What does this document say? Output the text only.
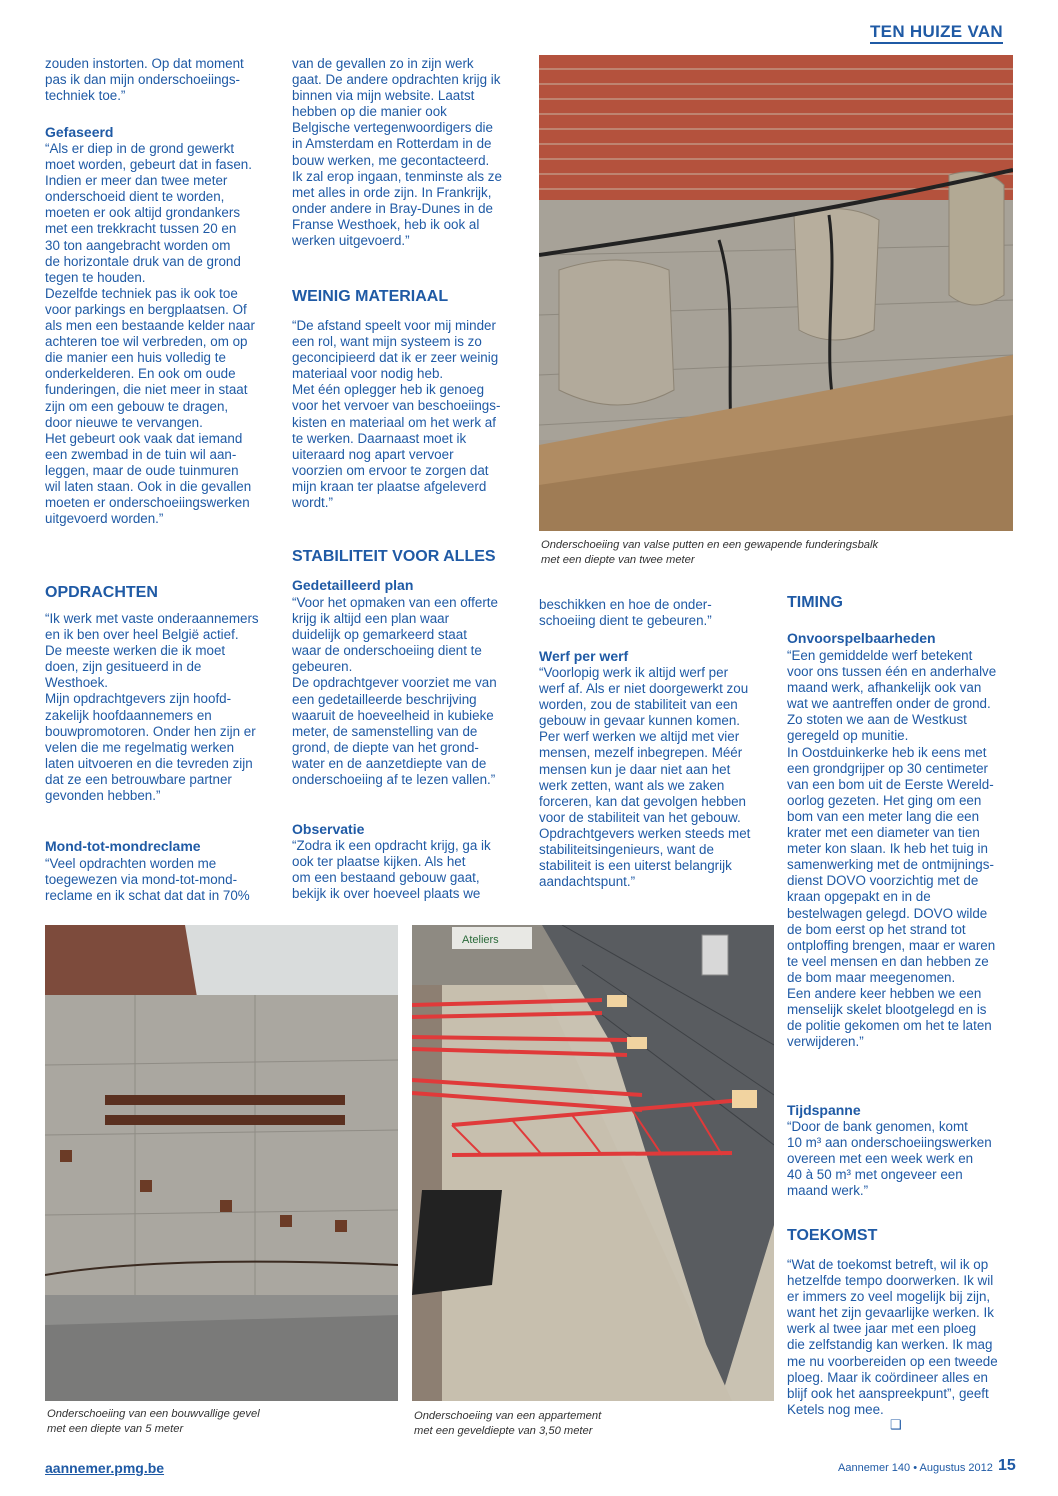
TEN HUIZE VAN

zouden instorten. Op dat moment
pas ik dan mijn onderschoeiings-
techniek toe.”

Gefaseerd

“Als er diep in de grond gewerkt
moet worden, gebeurt dat in fasen.
Indien er meer dan twee meter
onderschoeid dient te worden,
moeten er ook altijd grondankers
met een trekkracht tussen 20 en
30 ton aangebracht worden om
de horizontale druk van de grond
tegen te houden.
Dezelfde techniek pas ik ook toe
voor parkings en bergplaatsen. Of
als men een bestaande kelder naar
achteren toe wil verbreden, om op
die manier een huis volledig te
onderkelderen. En ook om oude
funderingen, die niet meer in staat
zijn om een gebouw te dragen,
door nieuwe te vervangen.
Het gebeurt ook vaak dat iemand
een zwembad in de tuin wil aan-
leggen, maar de oude tuinmuren
wil laten staan. Ook in die gevallen
moeten er onderschoeiingswerken
uitgevoerd worden.”

OPDRACHTEN

“Ik werk met vaste onderaannemers
en ik ben over heel België actief.
De meeste werken die ik moet
doen, zijn gesitueerd in de
Westhoek.
Mijn opdrachtgevers zijn hoofd-
zakelijk hoofdaannemers en
bouwpromotoren. Onder hen zijn er
velen die me regelmatig werken
laten uitvoeren en die tevreden zijn
dat ze een betrouwbare partner
gevonden hebben.”

Mond-tot-mondreclame

“Veel opdrachten worden me
toegewezen via mond-tot-mond-
reclame en ik schat dat dat in 70%

van de gevallen zo in zijn werk
gaat. De andere opdrachten krijg ik
binnen via mijn website. Laatst
hebben op die manier ook
Belgische vertegenwoordigers die
in Amsterdam en Rotterdam in de
bouw werken, me gecontacteerd.
Ik zal erop ingaan, tenminste als ze
met alles in orde zijn. In Frankrijk,
onder andere in Bray-Dunes in de
Franse Westhoek, heb ik ook al
werken uitgevoerd.”

WEINIG MATERIAAL

“De afstand speelt voor mij minder
een rol, want mijn systeem is zo
geconcipieerd dat ik er zeer weinig
materiaal voor nodig heb.
Met één oplegger heb ik genoeg
voor het vervoer van beschoeiings-
kisten en materiaal om het werk af
te werken. Daarnaast moet ik
uiteraard nog apart vervoer
voorzien om ervoor te zorgen dat
mijn kraan ter plaatse afgeleverd
wordt.”

STABILITEIT VOOR ALLES

Gedetailleerd plan

“Voor het opmaken van een offerte
krijg ik altijd een plan waar
duidelijk op gemarkeerd staat
waar de onderschoeiing dient te
gebeuren.
De opdrachtgever voorziet me van
een gedetailleerde beschrijving
waaruit de hoeveelheid in kubieke
meter, de samenstelling van de
grond, de diepte van het grond-
water en de aanzetdiepte van de
onderschoeiing af te lezen vallen.”

Observatie

“Zodra ik een opdracht krijg, ga ik
ook ter plaatse kijken. Als het
om een bestaand gebouw gaat,
bekijk ik over hoeveel plaats we

beschikken en hoe de onder-
schoeiing dient te gebeuren.”

Werf per werf

“Voorlopig werk ik altijd werf per
werf af. Als er niet doorgewerkt zou
worden, zou de stabiliteit van een
gebouw in gevaar kunnen komen.
Per werf werken we altijd met vier
mensen, mezelf inbegrepen. Méér
mensen kun je daar niet aan het
werk zetten, want als we zaken
forceren, kan dat gevolgen hebben
voor de stabiliteit van het gebouw.
Opdrachtgevers werken steeds met
stabiliteitsingenieurs, want de
stabiliteit is een uiterst belangrijk
aandachtspunt.”

TIMING

Onvoorspelbaarheden

“Een gemiddelde werf betekent
voor ons tussen één en anderhalve
maand werk, afhankelijk ook van
wat we aantreffen onder de grond.
Zo stoten we aan de Westkust
geregeld op munitie.
In Oostduinkerke heb ik eens met
een grondgrijper op 30 centimeter
van een bom uit de Eerste Wereld-
oorlog gezeten. Het ging om een
bom van een meter lang die een
krater met een diameter van tien
meter kon slaan. Ik heb het tuig in
samenwerking met de ontmijnings-
dienst DOVO voorzichtig met de
kraan opgepakt en in de
bestelwagen gelegd. DOVO wilde
de bom eerst op het strand tot
ontploffing brengen, maar er waren
te veel mensen en dan hebben ze
de bom maar meegenomen.
Een andere keer hebben we een
menselijk skelet blootgelegd en is
de politie gekomen om het te laten
verwijderen.”

Tijdspanne

“Door de bank genomen, komt
10 m³ aan onderschoeiingswerken
overeen met een week werk en
40 à 50 m³ met ongeveer een
maand werk.”

TOEKOMST

“Wat de toekomst betreft, wil ik op
hetzelfde tempo doorwerken. Ik wil
er immers zo veel mogelijk bij zijn,
want het zijn gevaarlijke werken. Ik
werk al twee jaar met een ploeg
die zelfstandig kan werken. Ik mag
me nu voorbereiden op een tweede
ploeg. Maar ik coördineer alles en
blijf ook het aanspreekpunt”, geeft
Ketels nog mee.

❑

Onderschoeiing van valse putten en een gewapende funderingsbalk
met een diepte van twee meter

Onderschoeiing van een bouwvallige gevel
met een diepte van 5 meter

Ateliers

Onderschoeiing van een appartement
met een geveldiepte van 3,50 meter

aannemer.pmg.be	Aannemer 140 • Augustus 2012 15
